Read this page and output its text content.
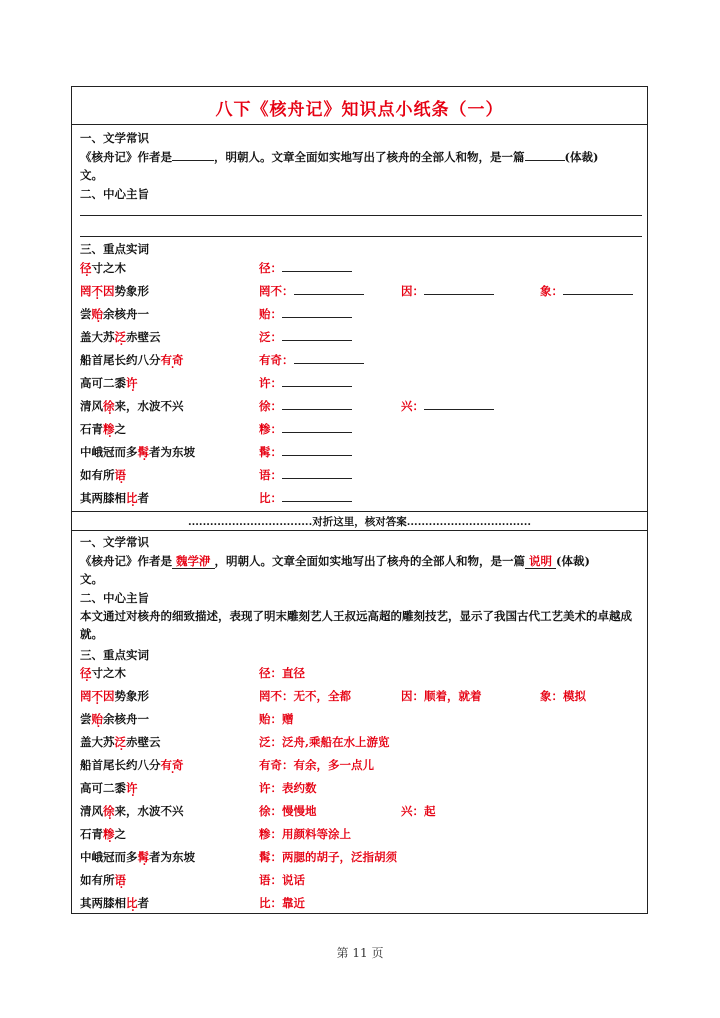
八下《核舟记》知识点小纸条（一）
一、文学常识
《核舟记》作者是	，明朝人。文章全面如实地写出了核舟的全部人和物，是一篇	(体裁)
文。
二、中心主旨
三、重点实词
径寸之木	径：
罔不因势象形	罔不：	因：	象：
尝贻余核舟一	贻：
盖大苏泛赤壁云	泛：
船首尾长约八分有奇	有奇：
高可二黍许	许：
清风徐来，水波不兴	徐：	兴：
石青糁之	糁：
中峨冠而多髯者为东坡	髯：
如有所语	语：
其两膝相比者	比：
..................................对折这里，核对答案..................................
一、文学常识
《核舟记》作者是 魏学洢 ，明朝人。文章全面如实地写出了核舟的全部人和物，是一篇 说明 (体裁)
文。
二、中心主旨
本文通过对核舟的细致描述，表现了明末雕刻艺人王叔远高超的雕刻技艺，显示了我国古代工艺美术的卓越成就。
三、重点实词
径寸之木	径：直径
罔不因势象形	罔不：无不，全都	因：顺着，就着	象：模拟
尝贻余核舟一	贻：赠
盖大苏泛赤壁云	泛：泛舟,乘船在水上游览
船首尾长约八分有奇	有奇：有余，多一点儿
高可二黍许	许：表约数
清风徐来，水波不兴	徐：慢慢地	兴：起
石青糁之	糁：用颜料等涂上
中峨冠而多髯者为东坡	髯：两腮的胡子，泛指胡须
如有所语	语：说话
其两膝相比者	比：靠近
第 11 页
